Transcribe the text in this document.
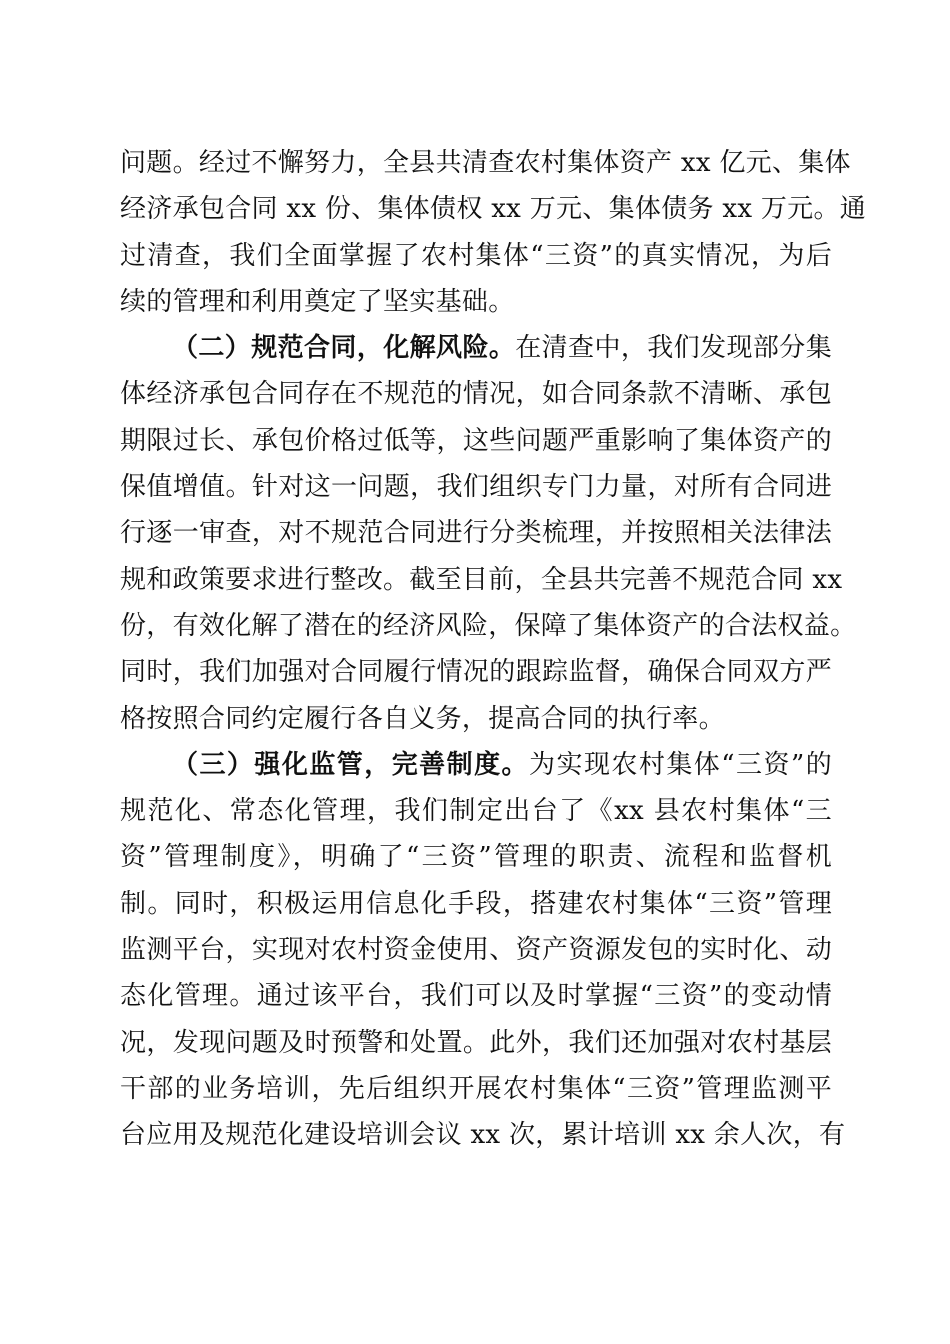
问题。经过不懈努力，全县共清查农村集体资产 xx 亿元、集体
经济承包合同 xx 份、集体债权 xx 万元、集体债务 xx 万元。通
过清查，我们全面掌握了农村集体“三资”的真实情况，为后
续的管理和利用奠定了坚实基础。
（二）规范合同，化解风险。在清查中，我们发现部分集
体经济承包合同存在不规范的情况，如合同条款不清晰、承包
期限过长、承包价格过低等，这些问题严重影响了集体资产的
保值增值。针对这一问题，我们组织专门力量，对所有合同进
行逐一审查，对不规范合同进行分类梳理，并按照相关法律法
规和政策要求进行整改。截至目前，全县共完善不规范合同 xx
份，有效化解了潜在的经济风险，保障了集体资产的合法权益。
同时，我们加强对合同履行情况的跟踪监督，确保合同双方严
格按照合同约定履行各自义务，提高合同的执行率。
（三）强化监管，完善制度。为实现农村集体“三资”的
规范化、常态化管理，我们制定出台了《xx 县农村集体“三
资”管理制度》，明确了“三资”管理的职责、流程和监督机
制。同时，积极运用信息化手段，搭建农村集体“三资”管理
监测平台，实现对农村资金使用、资产资源发包的实时化、动
态化管理。通过该平台，我们可以及时掌握“三资”的变动情
况，发现问题及时预警和处置。此外，我们还加强对农村基层
干部的业务培训，先后组织开展农村集体“三资”管理监测平
台应用及规范化建设培训会议 xx 次，累计培训 xx 余人次，有
